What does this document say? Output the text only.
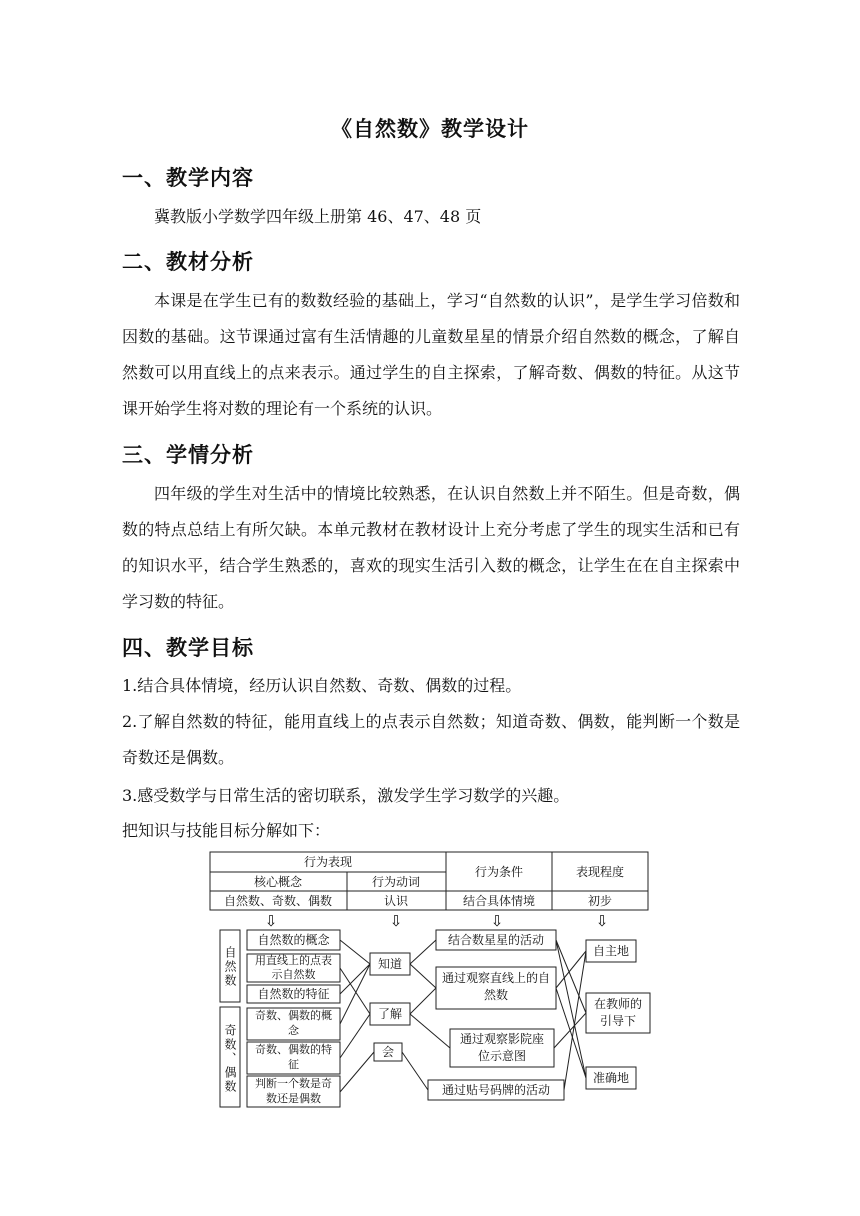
《自然数》教学设计
一、教学内容
冀教版小学数学四年级上册第 46、47、48 页
二、教材分析
本课是在学生已有的数数经验的基础上，学习“自然数的认识”，是学生学习倍数和因数的基础。这节课通过富有生活情趣的儿童数星星的情景介绍自然数的概念，了解自然数可以用直线上的点来表示。通过学生的自主探索，了解奇数、偶数的特征。从这节课开始学生将对数的理论有一个系统的认识。
三、学情分析
四年级的学生对生活中的情境比较熟悉，在认识自然数上并不陌生。但是奇数，偶数的特点总结上有所欠缺。本单元教材在教材设计上充分考虑了学生的现实生活和已有的知识水平，结合学生熟悉的，喜欢的现实生活引入数的概念，让学生在在自主探索中学习数的特征。
四、教学目标
1.结合具体情境，经历认识自然数、奇数、偶数的过程。
2.了解自然数的特征，能用直线上的点表示自然数；知道奇数、偶数，能判断一个数是奇数还是偶数。
3.感受数学与日常生活的密切联系，激发学生学习数学的兴趣。
把知识与技能目标分解如下：
行为表现
核心概念	行为动词
行为条件	表现程度
自然数、奇数、偶数	认识	结合具体情境	初步
⇩	⇩	⇩	⇩
自然数
奇数、偶数
自然数的概念
用直线上的点表示自然数
自然数的特征
奇数、偶数的概念
奇数、偶数的特征
判断一个数是奇数还是偶数
知道
了解
会
结合数星星的活动
通过观察直线上的自然数
通过观察影院座位示意图
通过贴号码牌的活动
自主地
在教师的引导下
准确地
